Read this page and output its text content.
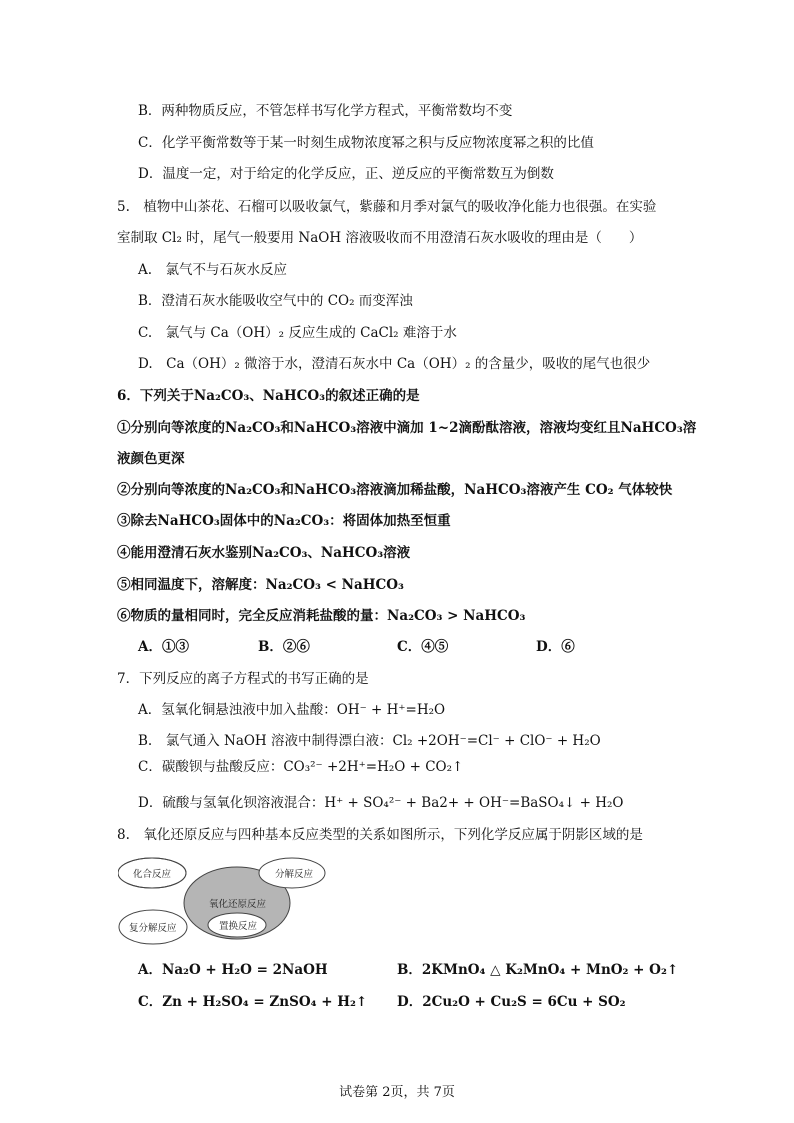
B．两种物质反应，不管怎样书写化学方程式，平衡常数均不变
C．化学平衡常数等于某一时刻生成物浓度幂之积与反应物浓度幂之积的比值
D．温度一定，对于给定的化学反应，正、逆反应的平衡常数互为倒数
5.　植物中山茶花、石榴可以吸收氯气，紫藤和月季对氯气的吸收净化能力也很强。在实验
室制取 Cl₂ 时，尾气一般要用 NaOH 溶液吸收而不用澄清石灰水吸收的理由是（　　）
A.　氯气不与石灰水反应
B．澄清石灰水能吸收空气中的 CO₂ 而变浑浊
C.　氯气与 Ca（OH）₂ 反应生成的 CaCl₂ 难溶于水
D.　Ca（OH）₂ 微溶于水，澄清石灰水中 Ca（OH）₂ 的含量少，吸收的尾气也很少
6．下列关于Na₂CO₃、NaHCO₃的叙述正确的是
①分别向等浓度的Na₂CO₃和NaHCO₃溶液中滴加 1~2滴酚酞溶液，溶液均变红且NaHCO₃溶
液颜色更深
②分别向等浓度的Na₂CO₃和NaHCO₃溶液滴加稀盐酸，NaHCO₃溶液产生 CO₂ 气体较快
③除去NaHCO₃固体中的Na₂CO₃：将固体加热至恒重
④能用澄清石灰水鉴别Na₂CO₃、NaHCO₃溶液
⑤相同温度下，溶解度：Na₂CO₃ < NaHCO₃
⑥物质的量相同时，完全反应消耗盐酸的量：Na₂CO₃ > NaHCO₃
A．①③	B．②⑥	C．④⑤	D．⑥
7．下列反应的离子方程式的书写正确的是
A．氢氧化铜悬浊液中加入盐酸：OH⁻ + H⁺=H₂O
B.　氯气通入 NaOH 溶液中制得漂白液：Cl₂ +2OH⁻=Cl⁻ + ClO⁻ + H₂O
C．碳酸钡与盐酸反应：CO₃²⁻ +2H⁺=H₂O + CO₂↑
D．硫酸与氢氧化钡溶液混合：H⁺ + SO₄²⁻ + Ba2+ + OH⁻=BaSO₄↓ + H₂O
8.　氧化还原反应与四种基本反应类型的关系如图所示，下列化学反应属于阴影区域的是
化合反应	分解反应
氧化还原反应
置换反应
复分解反应
A．Na₂O + H₂O = 2NaOH	B．2KMnO₄ △ K₂MnO₄ + MnO₂ + O₂↑
C．Zn + H₂SO₄ = ZnSO₄ + H₂↑ D．2Cu₂O + Cu₂S = 6Cu + SO₂
试卷第 2页，共 7页
